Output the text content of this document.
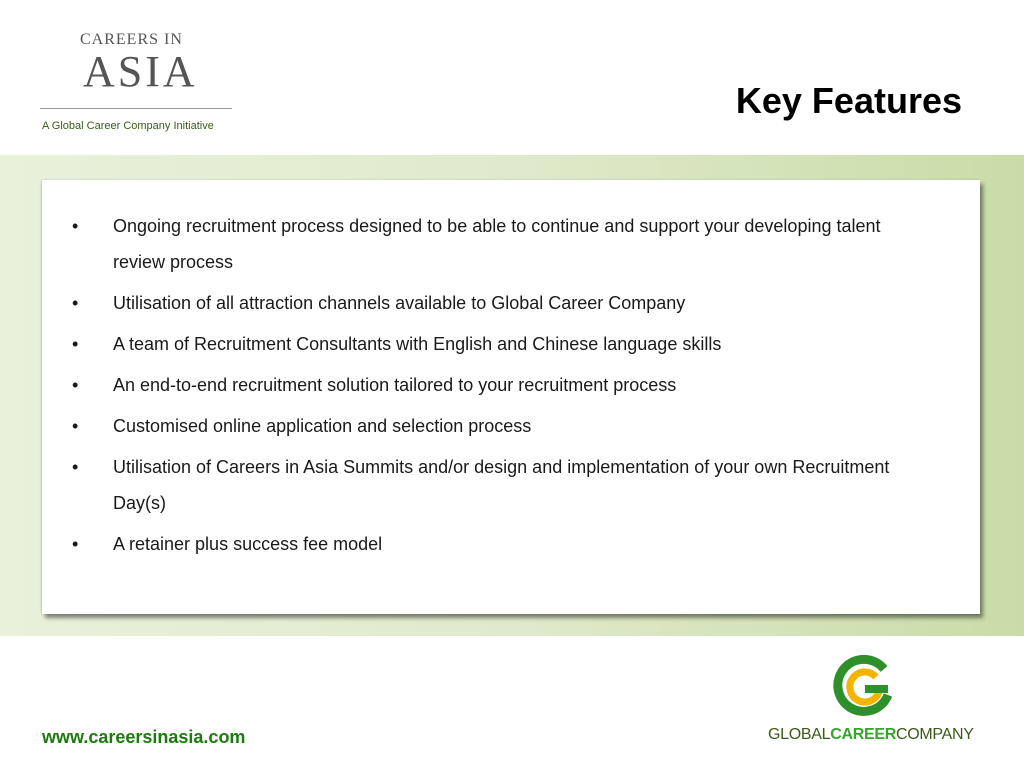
CAREERS IN
ASIA
A Global Career Company Initiative
Key Features
•	Ongoing recruitment process designed to be able to continue and support your developing talent review process
•	Utilisation of all attraction channels available to Global Career Company
•	A team of Recruitment Consultants with English and Chinese language skills
•	An end-to-end recruitment solution tailored to your recruitment process
•	Customised online application and selection process
•	Utilisation of Careers in Asia Summits and/or design and implementation of your own Recruitment Day(s)
•	A retainer plus success fee model
www.careersinasia.com	GLOBALCAREERCOMPANY
